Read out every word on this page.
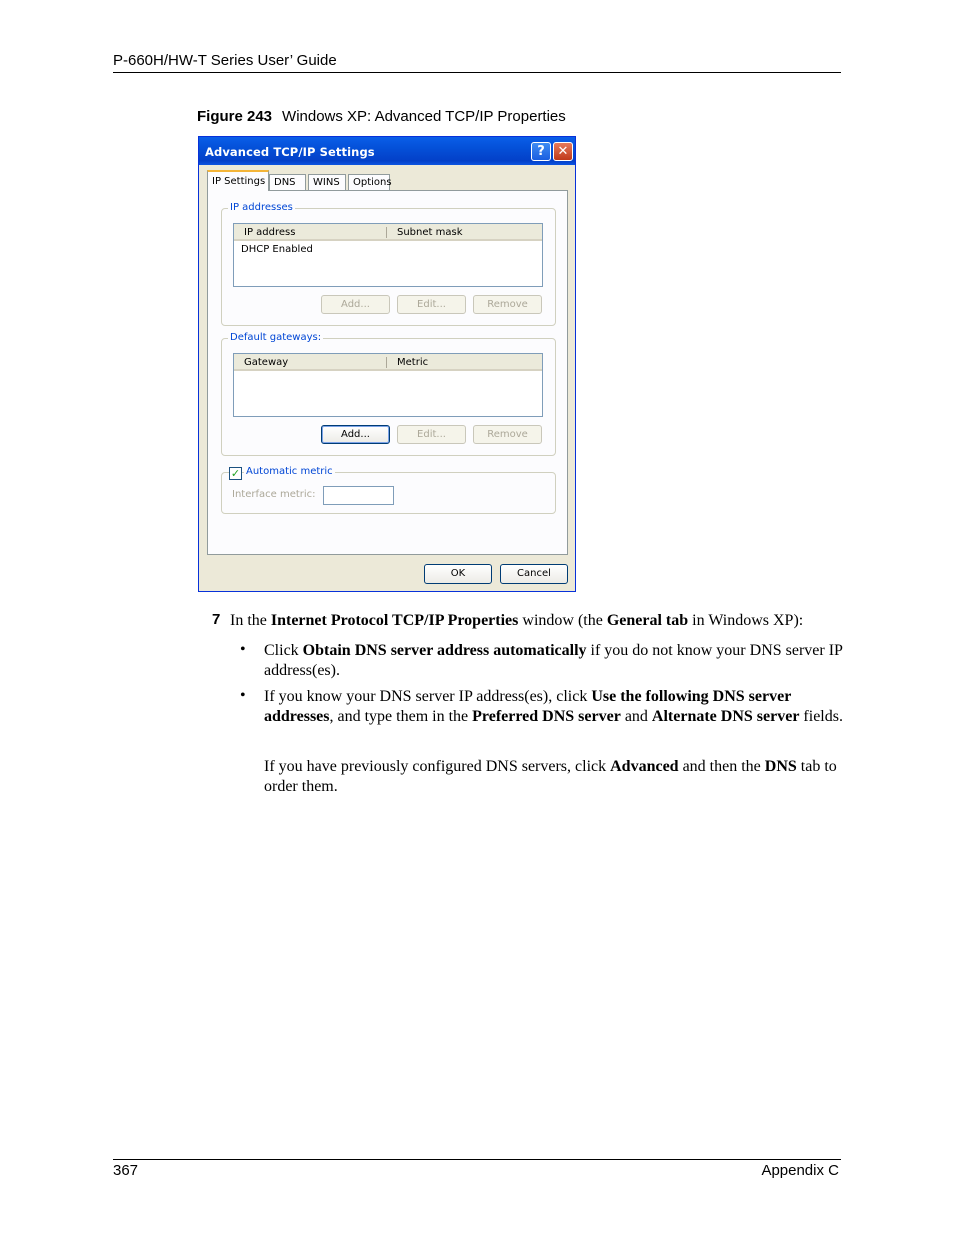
P-660H/HW-T Series User’ Guide
Figure 243 Windows XP: Advanced TCP/IP Properties
Advanced TCP/IP Settings	? ✕
IP Settings DNS	WINS	Options
IP addresses
IP address	Subnet mask
DHCP Enabled
Add...	Edit...	Remove
Default gateways:
Gateway	Metric
Add...	Edit...	Remove
✓ Automatic metric
Interface metric:
OK	Cancel
7 In the Internet Protocol TCP/IP Properties window (the General tab in Windows XP):
• Click Obtain DNS server address automatically if you do not know your DNS server IP address(es).
• If you know your DNS server IP address(es), click Use the following DNS server addresses, and type them in the Preferred DNS server and Alternate DNS server fields.
If you have previously configured DNS servers, click Advanced and then the DNS tab to order them.
367	Appendix C
